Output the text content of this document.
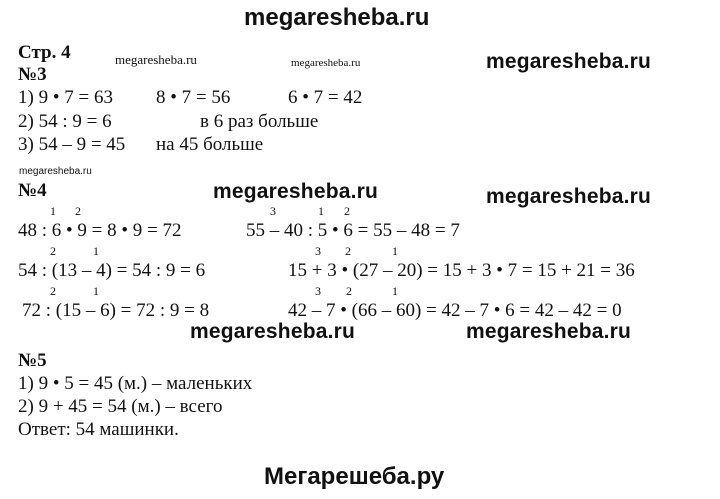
megaresheba.ru
megaresheba.ru	megaresheba.ru	megaresheba.ru
megaresheba.ru
megaresheba.ru	megaresheba.ru
megaresheba.ru	megaresheba.ru
Мегарешеба.ру
Стр. 4
№3
1) 9 • 7 = 63 8 • 7 = 56	6 • 7 = 42
2) 54 : 9 = 6	в 6 раз больше
3) 54 – 9 = 45 на 45 больше
№4
1 2
48 : 6 • 9 = 8 • 9 = 72
3	1 2
55 – 40 : 5 • 6 = 55 – 48 = 7
2	1
54 : (13 – 4) = 54 : 9 = 6
3 2	1
15 + 3 • (27 – 20) = 15 + 3 • 7 = 15 + 21 = 36
2	1
72 : (15 – 6) = 72 : 9 = 8
3 2	1
42 – 7 • (66 – 60) = 42 – 7 • 6 = 42 – 42 = 0
№5
1) 9 • 5 = 45 (м.) – маленьких
2) 9 + 45 = 54 (м.) – всего
Ответ: 54 машинки.
